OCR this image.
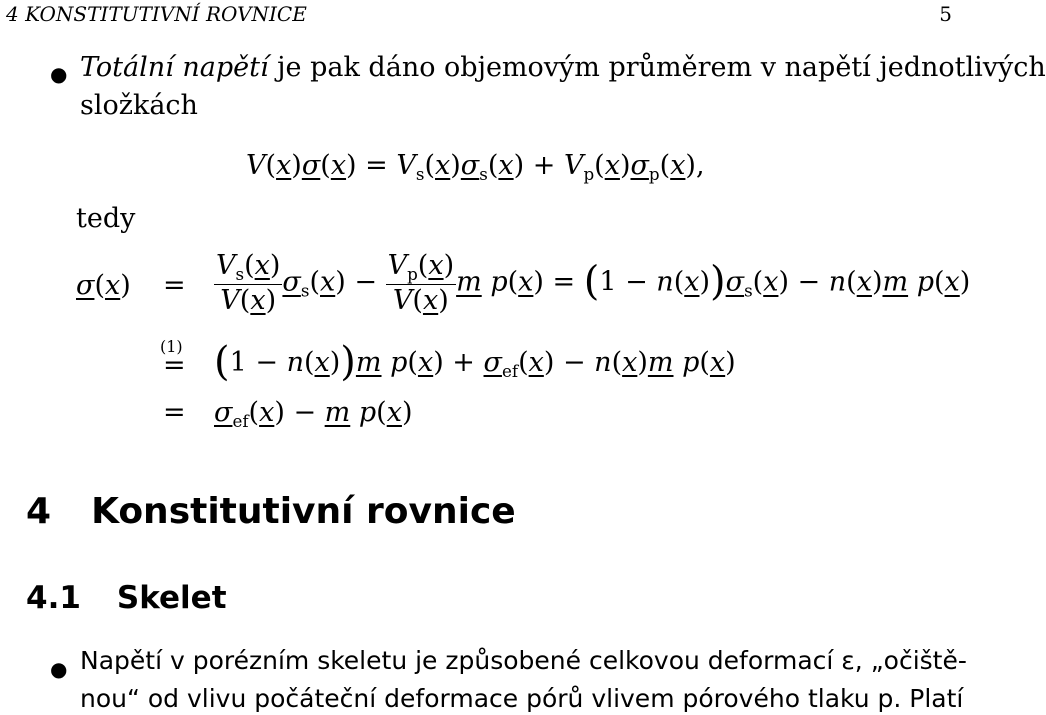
4 KONSTITUTIVNÍ ROVNICE	5
● Totální napětí je pak dáno objemovým průměrem v napětí jednotlivých
složkách
$V(x)\sigma(x) = V_s(x)\sigma_s(x) + V_p(x)\sigma_p(x)$,
tedy
$\sigma(x) = \frac{V_s(x)}{V(x)} \sigma_s(x) - \frac{V_p(x)}{V(x)}$ m $p(x) = (1 - n(x))\sigma_s(x) - n(x)m$ p(x)
(1)
= (1 − n(x))m $p(x) + \sigma_{ef}(x) - n(x)m$ p(x)
= $\sigma_{ef}(x) - m$ p(x)
4 Konstitutivní rovnice
4.1 Skelet
● Napětí v porézním skeletu je způsobené celkovou deformací ε, „očiště-
nou“ od vlivu počáteční deformace pórů vlivem pórového tlaku p. Platí
